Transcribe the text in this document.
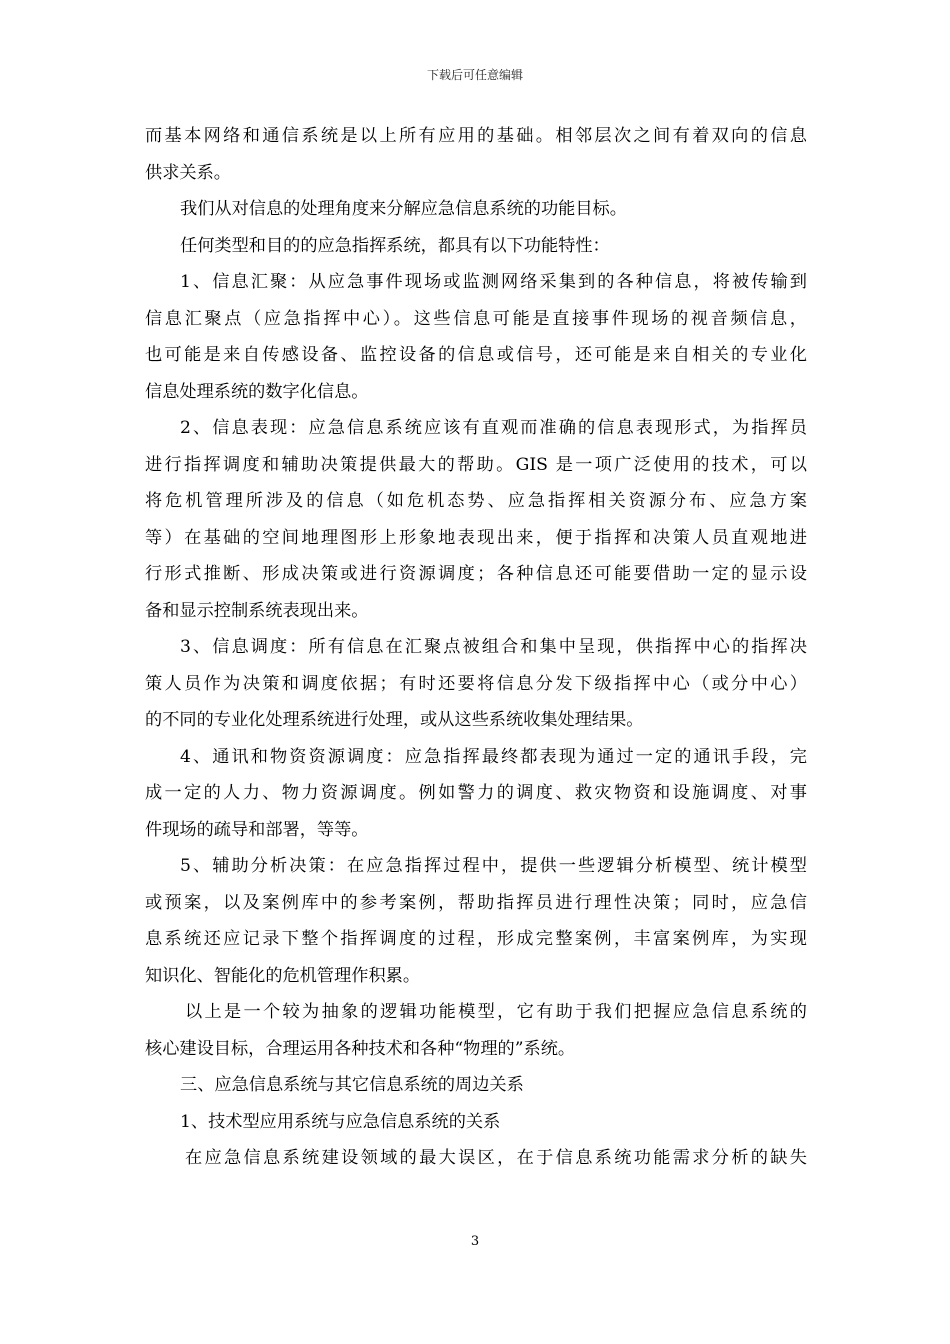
下载后可任意编辑
而基本网络和通信系统是以上所有应用的基础。相邻层次之间有着双向的信息
供求关系。
我们从对信息的处理角度来分解应急信息系统的功能目标。
任何类型和目的的应急指挥系统，都具有以下功能特性：
1、信息汇聚：从应急事件现场或监测网络采集到的各种信息，将被传输到
信息汇聚点（应急指挥中心）。这些信息可能是直接事件现场的视音频信息，
也可能是来自传感设备、监控设备的信息或信号，还可能是来自相关的专业化
信息处理系统的数字化信息。
2、信息表现：应急信息系统应该有直观而准确的信息表现形式，为指挥员
进行指挥调度和辅助决策提供最大的帮助。GIS 是一项广泛使用的技术，可以
将危机管理所涉及的信息（如危机态势、应急指挥相关资源分布、应急方案
等）在基础的空间地理图形上形象地表现出来，便于指挥和决策人员直观地进
行形式推断、形成决策或进行资源调度；各种信息还可能要借助一定的显示设
备和显示控制系统表现出来。
3、信息调度：所有信息在汇聚点被组合和集中呈现，供指挥中心的指挥决
策人员作为决策和调度依据；有时还要将信息分发下级指挥中心（或分中心）
的不同的专业化处理系统进行处理，或从这些系统收集处理结果。
4、通讯和物资资源调度：应急指挥最终都表现为通过一定的通讯手段，完
成一定的人力、物力资源调度。例如警力的调度、救灾物资和设施调度、对事
件现场的疏导和部署，等等。
5、辅助分析决策：在应急指挥过程中，提供一些逻辑分析模型、统计模型
或预案，以及案例库中的参考案例，帮助指挥员进行理性决策；同时，应急信
息系统还应记录下整个指挥调度的过程，形成完整案例，丰富案例库，为实现
知识化、智能化的危机管理作积累。
以上是一个较为抽象的逻辑功能模型，它有助于我们把握应急信息系统的
核心建设目标，合理运用各种技术和各种“物理的”系统。
三、应急信息系统与其它信息系统的周边关系
1、技术型应用系统与应急信息系统的关系
在应急信息系统建设领域的最大误区，在于信息系统功能需求分析的缺失
3
